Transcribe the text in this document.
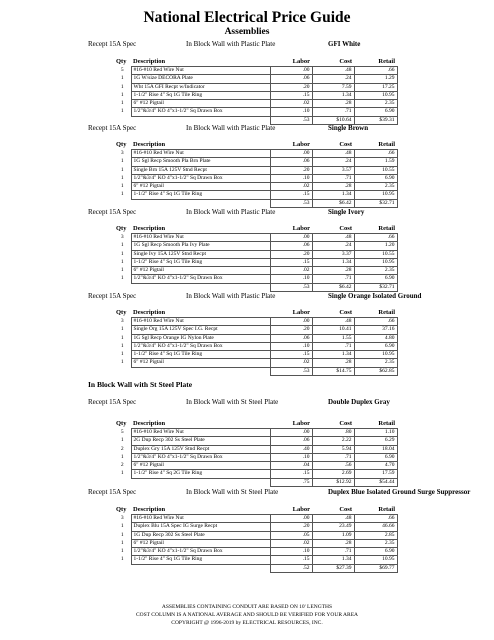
National Electrical Price Guide
Assemblies
Recept 15A Spec	In Block Wall with Plastic Plate	GFI White
Qty	Description	Labor	Cost	Retail
5	#16-#10 Red Wire Nut	.00	.48	.66
1	1G W/size DECORA Plate	.06	.24	1.29
1	Wht 15A GFI Recpt w/Indicator	.20	7.59	17.25
1	1-1/2" Rise 4" Sq 1G Tile Ring	.15	1.34	10.95
1	6" #12 Pigtail	.02	.28	2.35
1	1/2"&3/4" KO 4"x1-1/2" Sq Drawn Box	.10	.71	6.90
		.53	$10.64	$39.31
Recept 15A Spec	In Block Wall with Plastic Plate	Single Brown
Qty	Description	Labor	Cost	Retail
3	#16-#10 Red Wire Nut	.00	.48	.66
1	1G Sgl Recp Smooth Pla Brn Plate	.06	.24	1.59
1	Single Brn 15A 125V Stnd Recpt	.20	3.57	10.55
1	1/2"&3/4" KO 4"x1-1/2" Sq Drawn Box	.10	.71	6.90
1	6" #12 Pigtail	.02	.28	2.35
1	1-1/2" Rise 4" Sq 1G Tile Ring	.15	1.34	10.95
		.53	$6.42	$32.71
Recept 15A Spec	In Block Wall with Plastic Plate	Single Ivory
Qty	Description	Labor	Cost	Retail
3	#16-#10 Red Wire Nut	.00	.48	.66
1	1G Sgl Recp Smooth Pla Ivy Plate	.06	.24	1.20
1	Single Ivy 15A 125V Stnd Recpt	.20	3.37	10.55
1	1-1/2" Rise 4" Sq 1G Tile Ring	.15	1.34	10.95
1	6" #12 Pigtail	.02	.28	2.35
1	1/2"&3/4" KO 4"x1-1/2" Sq Drawn Box	.10	.71	6.90
		.53	$6.42	$32.71
Recept 15A Spec	In Block Wall with Plastic Plate	Single Orange Isolated Ground
Qty	Description	Labor	Cost	Retail
3	#16-#10 Red Wire Nut	.00	.48	.66
1	Single Org 15A 125V Spec I.G. Recpt	.20	10.41	37.16
1	1G Sgl Recp Orange IG Nylon Plate	.06	1.55	4.80
1	1/2"&3/4" KO 4"x1-1/2" Sq Drawn Box	.10	.71	6.90
1	1-1/2" Rise 4" Sq 1G Tile Ring	.15	1.34	10.95
1	6" #12 Pigtail	.02	.28	2.35
		.53	$14.75	$62.85
In Block Wall with St Steel Plate
Recept 15A Spec	In Block Wall with St Steel Plate	Double Duplex Gray
Qty	Description	Labor	Cost	Retail
5	#16-#10 Red Wire Nut	.00	.80	1.10
1	2G Dup Recp 302 Ss Steel Plate	.06	2.22	6.29
2	Duplex Gry 15A 125V Stnd Recpt	.40	5.94	18.04
1	1/2"&3/4" KO 4"x1-1/2" Sq Drawn Box	.10	.71	6.90
2	6" #12 Pigtail	.04	.56	4.70
1	1-1/2" Rise 4" Sq 2G Tile Ring	.15	2.69	17.59
		.75	$12.92	$54.44
Recept 15A Spec	In Block Wall with St Steel Plate	Duplex Blue Isolated Ground Surge Suppressor
Qty	Description	Labor	Cost	Retail
3	#16-#10 Red Wire Nut	.00	.48	.66
1	Duplex Blu 15A Spec IG Surge Recpt	.20	23.49	46.66
1	1G Dup Recp 302 Ss Steel Plate	.05	1.09	2.85
1	6" #12 Pigtail	.02	.28	2.35
1	1/2"&3/4" KO 4"x1-1/2" Sq Drawn Box	.10	.71	6.90
1	1-1/2" Rise 4" Sq 1G Tile Ring	.15	1.34	10.95
		.52	$27.39	$69.77
ASSEMBLIES CONTAINING CONDUIT ARE BASED ON 10' LENGTHS
COST COLUMN IS A NATIONAL AVERAGE AND SHOULD BE VERIFIED FOR YOUR AREA
COPYRIGHT @ 1996-2019 by ELECTRICAL RESOURCES, INC.
